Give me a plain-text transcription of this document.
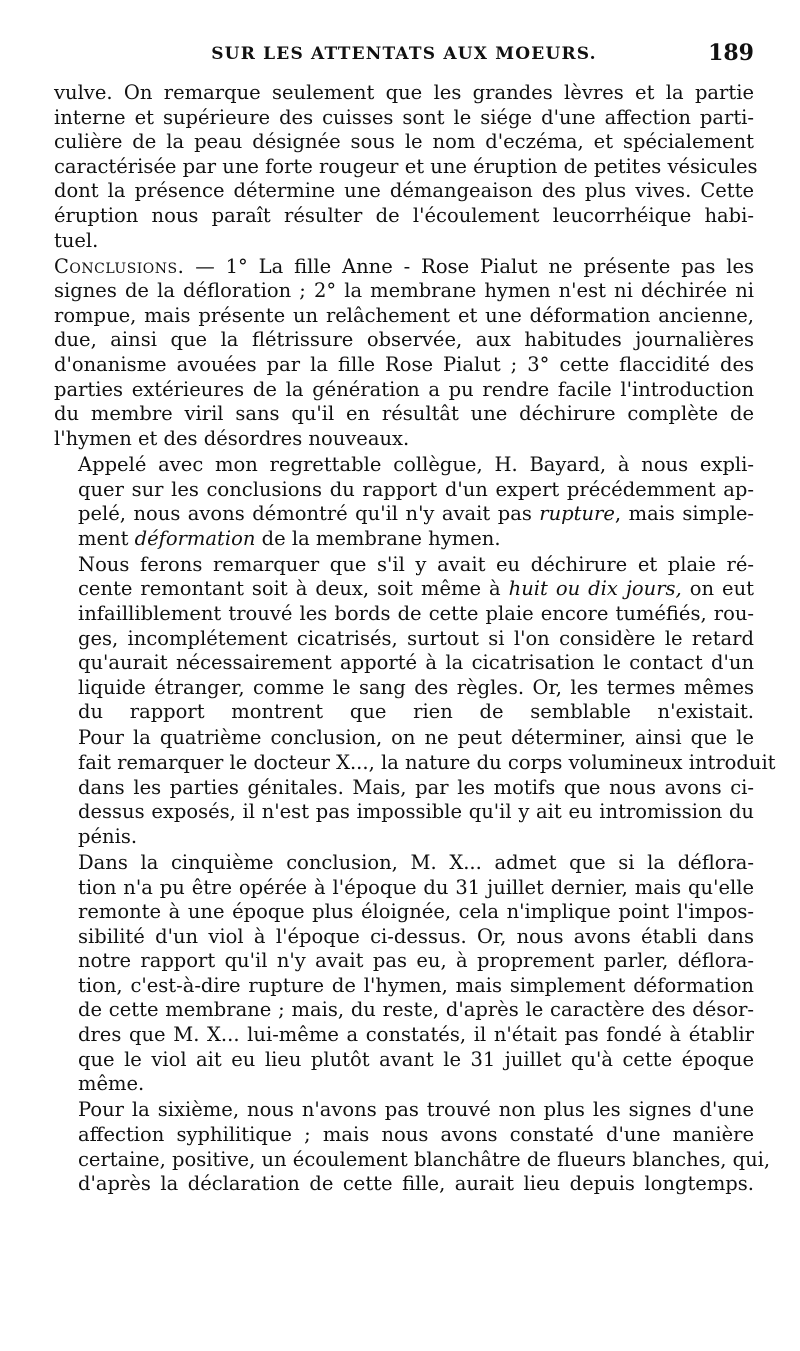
SUR LES ATTENTATS AUX MOEURS.	189

vulve. On remarque seulement que les grandes lèvres et la partie
interne et supérieure des cuisses sont le siége d'une affection parti-
culière de la peau désignée sous le nom d'eczéma, et spécialement
caractérisée par une forte rougeur et une éruption de petites vésicules
dont la présence détermine une démangeaison des plus vives. Cette
éruption nous paraît résulter de l'écoulement leucorrhéique habi-
tuel.

Conclusions. — 1° La fille Anne - Rose Pialut ne présente pas les
signes de la défloration ; 2° la membrane hymen n'est ni déchirée ni
rompue, mais présente un relâchement et une déformation ancienne,
due, ainsi que la flétrissure observée, aux habitudes journalières
d'onanisme avouées par la fille Rose Pialut ; 3° cette flaccidité des
parties extérieures de la génération a pu rendre facile l'introduction
du membre viril sans qu'il en résultât une déchirure complète de
l'hymen et des désordres nouveaux.

Appelé avec mon regrettable collègue, H. Bayard, à nous expli-
quer sur les conclusions du rapport d'un expert précédemment ap-
pelé, nous avons démontré qu'il n'y avait pas rupture, mais simple-
ment déformation de la membrane hymen.

Nous ferons remarquer que s'il y avait eu déchirure et plaie ré-
cente remontant soit à deux, soit même à huit ou dix jours, on eut
infailliblement trouvé les bords de cette plaie encore tuméfiés, rou-
ges, incomplétement cicatrisés, surtout si l'on considère le retard
qu'aurait nécessairement apporté à la cicatrisation le contact d'un
liquide étranger, comme le sang des règles. Or, les termes mêmes
du rapport montrent que rien de semblable n'existait.

Pour la quatrième conclusion, on ne peut déterminer, ainsi que le
fait remarquer le docteur X..., la nature du corps volumineux introduit
dans les parties génitales. Mais, par les motifs que nous avons ci-
dessus exposés, il n'est pas impossible qu'il y ait eu intromission du
pénis.

Dans la cinquième conclusion, M. X... admet que si la déflora-
tion n'a pu être opérée à l'époque du 31 juillet dernier, mais qu'elle
remonte à une époque plus éloignée, cela n'implique point l'impos-
sibilité d'un viol à l'époque ci-dessus. Or, nous avons établi dans
notre rapport qu'il n'y avait pas eu, à proprement parler, déflora-
tion, c'est-à-dire rupture de l'hymen, mais simplement déformation
de cette membrane ; mais, du reste, d'après le caractère des désor-
dres que M. X... lui-même a constatés, il n'était pas fondé à établir
que le viol ait eu lieu plutôt avant le 31 juillet qu'à cette époque
même.

Pour la sixième, nous n'avons pas trouvé non plus les signes d'une
affection syphilitique ; mais nous avons constaté d'une manière
certaine, positive, un écoulement blanchâtre de flueurs blanches, qui,
d'après la déclaration de cette fille, aurait lieu depuis longtemps.
